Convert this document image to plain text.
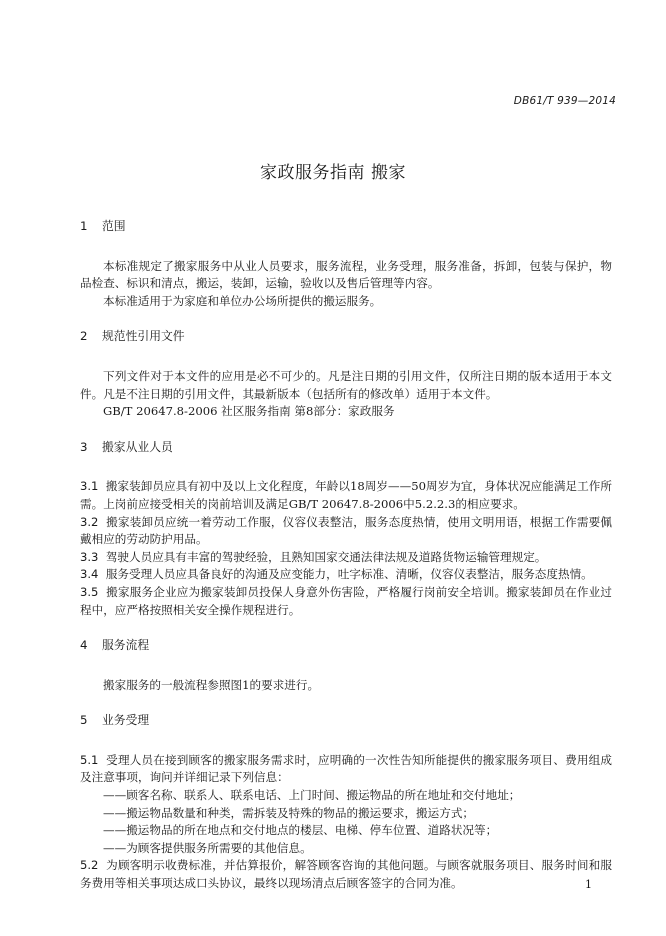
DB61/T 939—2014
家政服务指南 搬家
1 范围

本标准规定了搬家服务中从业人员要求，服务流程，业务受理，服务准备，拆卸，包装与保护，物品检查、标识和清点，搬运，装卸，运输，验收以及售后管理等内容。

本标准适用于为家庭和单位办公场所提供的搬运服务。

2 规范性引用文件

下列文件对于本文件的应用是必不可少的。凡是注日期的引用文件，仅所注日期的版本适用于本文件。凡是不注日期的引用文件，其最新版本（包括所有的修改单）适用于本文件。

GB/T 20647.8-2006 社区服务指南 第8部分：家政服务

3 搬家从业人员

3.1 搬家装卸员应具有初中及以上文化程度，年龄以18周岁——50周岁为宜，身体状况应能满足工作所需。上岗前应接受相关的岗前培训及满足GB/T 20647.8-2006中5.2.2.3的相应要求。

3.2 搬家装卸员应统一着劳动工作服，仪容仪表整洁，服务态度热情，使用文明用语，根据工作需要佩戴相应的劳动防护用品。

3.3 驾驶人员应具有丰富的驾驶经验，且熟知国家交通法律法规及道路货物运输管理规定。

3.4 服务受理人员应具备良好的沟通及应变能力，吐字标准、清晰，仪容仪表整洁，服务态度热情。

3.5 搬家服务企业应为搬家装卸员投保人身意外伤害险，严格履行岗前安全培训。搬家装卸员在作业过程中，应严格按照相关安全操作规程进行。

4 服务流程

搬家服务的一般流程参照图1的要求进行。

5 业务受理

5.1 受理人员在接到顾客的搬家服务需求时，应明确的一次性告知所能提供的搬家服务项目、费用组成及注意事项，询问并详细记录下列信息：

——顾客名称、联系人、联系电话、上门时间、搬运物品的所在地址和交付地址；

——搬运物品数量和种类，需拆装及特殊的物品的搬运要求，搬运方式；

——搬运物品的所在地点和交付地点的楼层、电梯、停车位置、道路状况等；

——为顾客提供服务所需要的其他信息。

5.2 为顾客明示收费标准，并估算报价，解答顾客咨询的其他问题。与顾客就服务项目、服务时间和服务费用等相关事项达成口头协议，最终以现场清点后顾客签字的合同为准。	1
